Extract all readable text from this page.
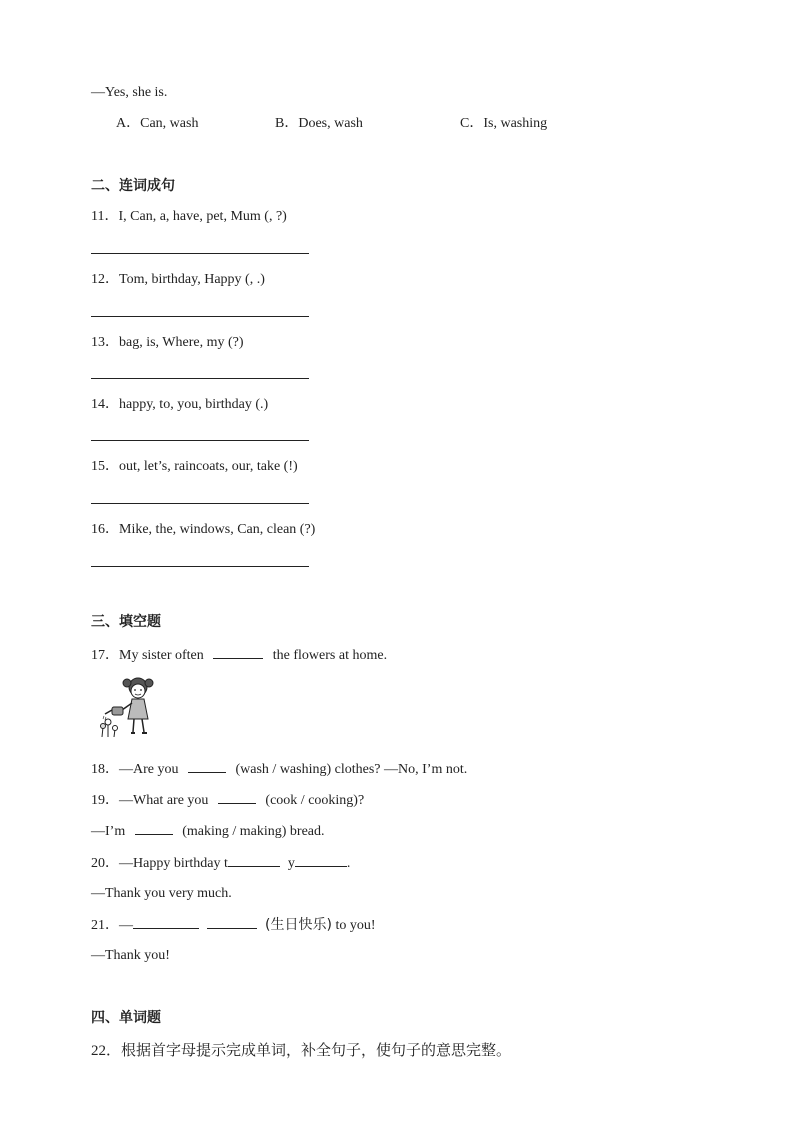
—Yes, she is.
A．Can, wash	B．Does, wash	C．Is, washing
二、连词成句
11．I, Can, a, have, pet, Mum (, ?)
12．Tom, birthday, Happy (, .)
13．bag, is, Where, my (?)
14．happy, to, you, birthday (.)
15．out, let’s, raincoats, our, take (!)
16．Mike, the, windows, Can, clean (?)
三、填空题
17．My sister often	the flowers at home.
18．—Are you	(wash / washing) clothes? —No, I’m not.
19．—What are you	(cook / cooking)?
—I’m	(making / making) bread.
20．—Happy birthday t	y	.
—Thank you very much.
21．—	(生日快乐) to you!
—Thank you!
四、单词题
22．根据首字母提示完成单词，补全句子，使句子的意思完整。
